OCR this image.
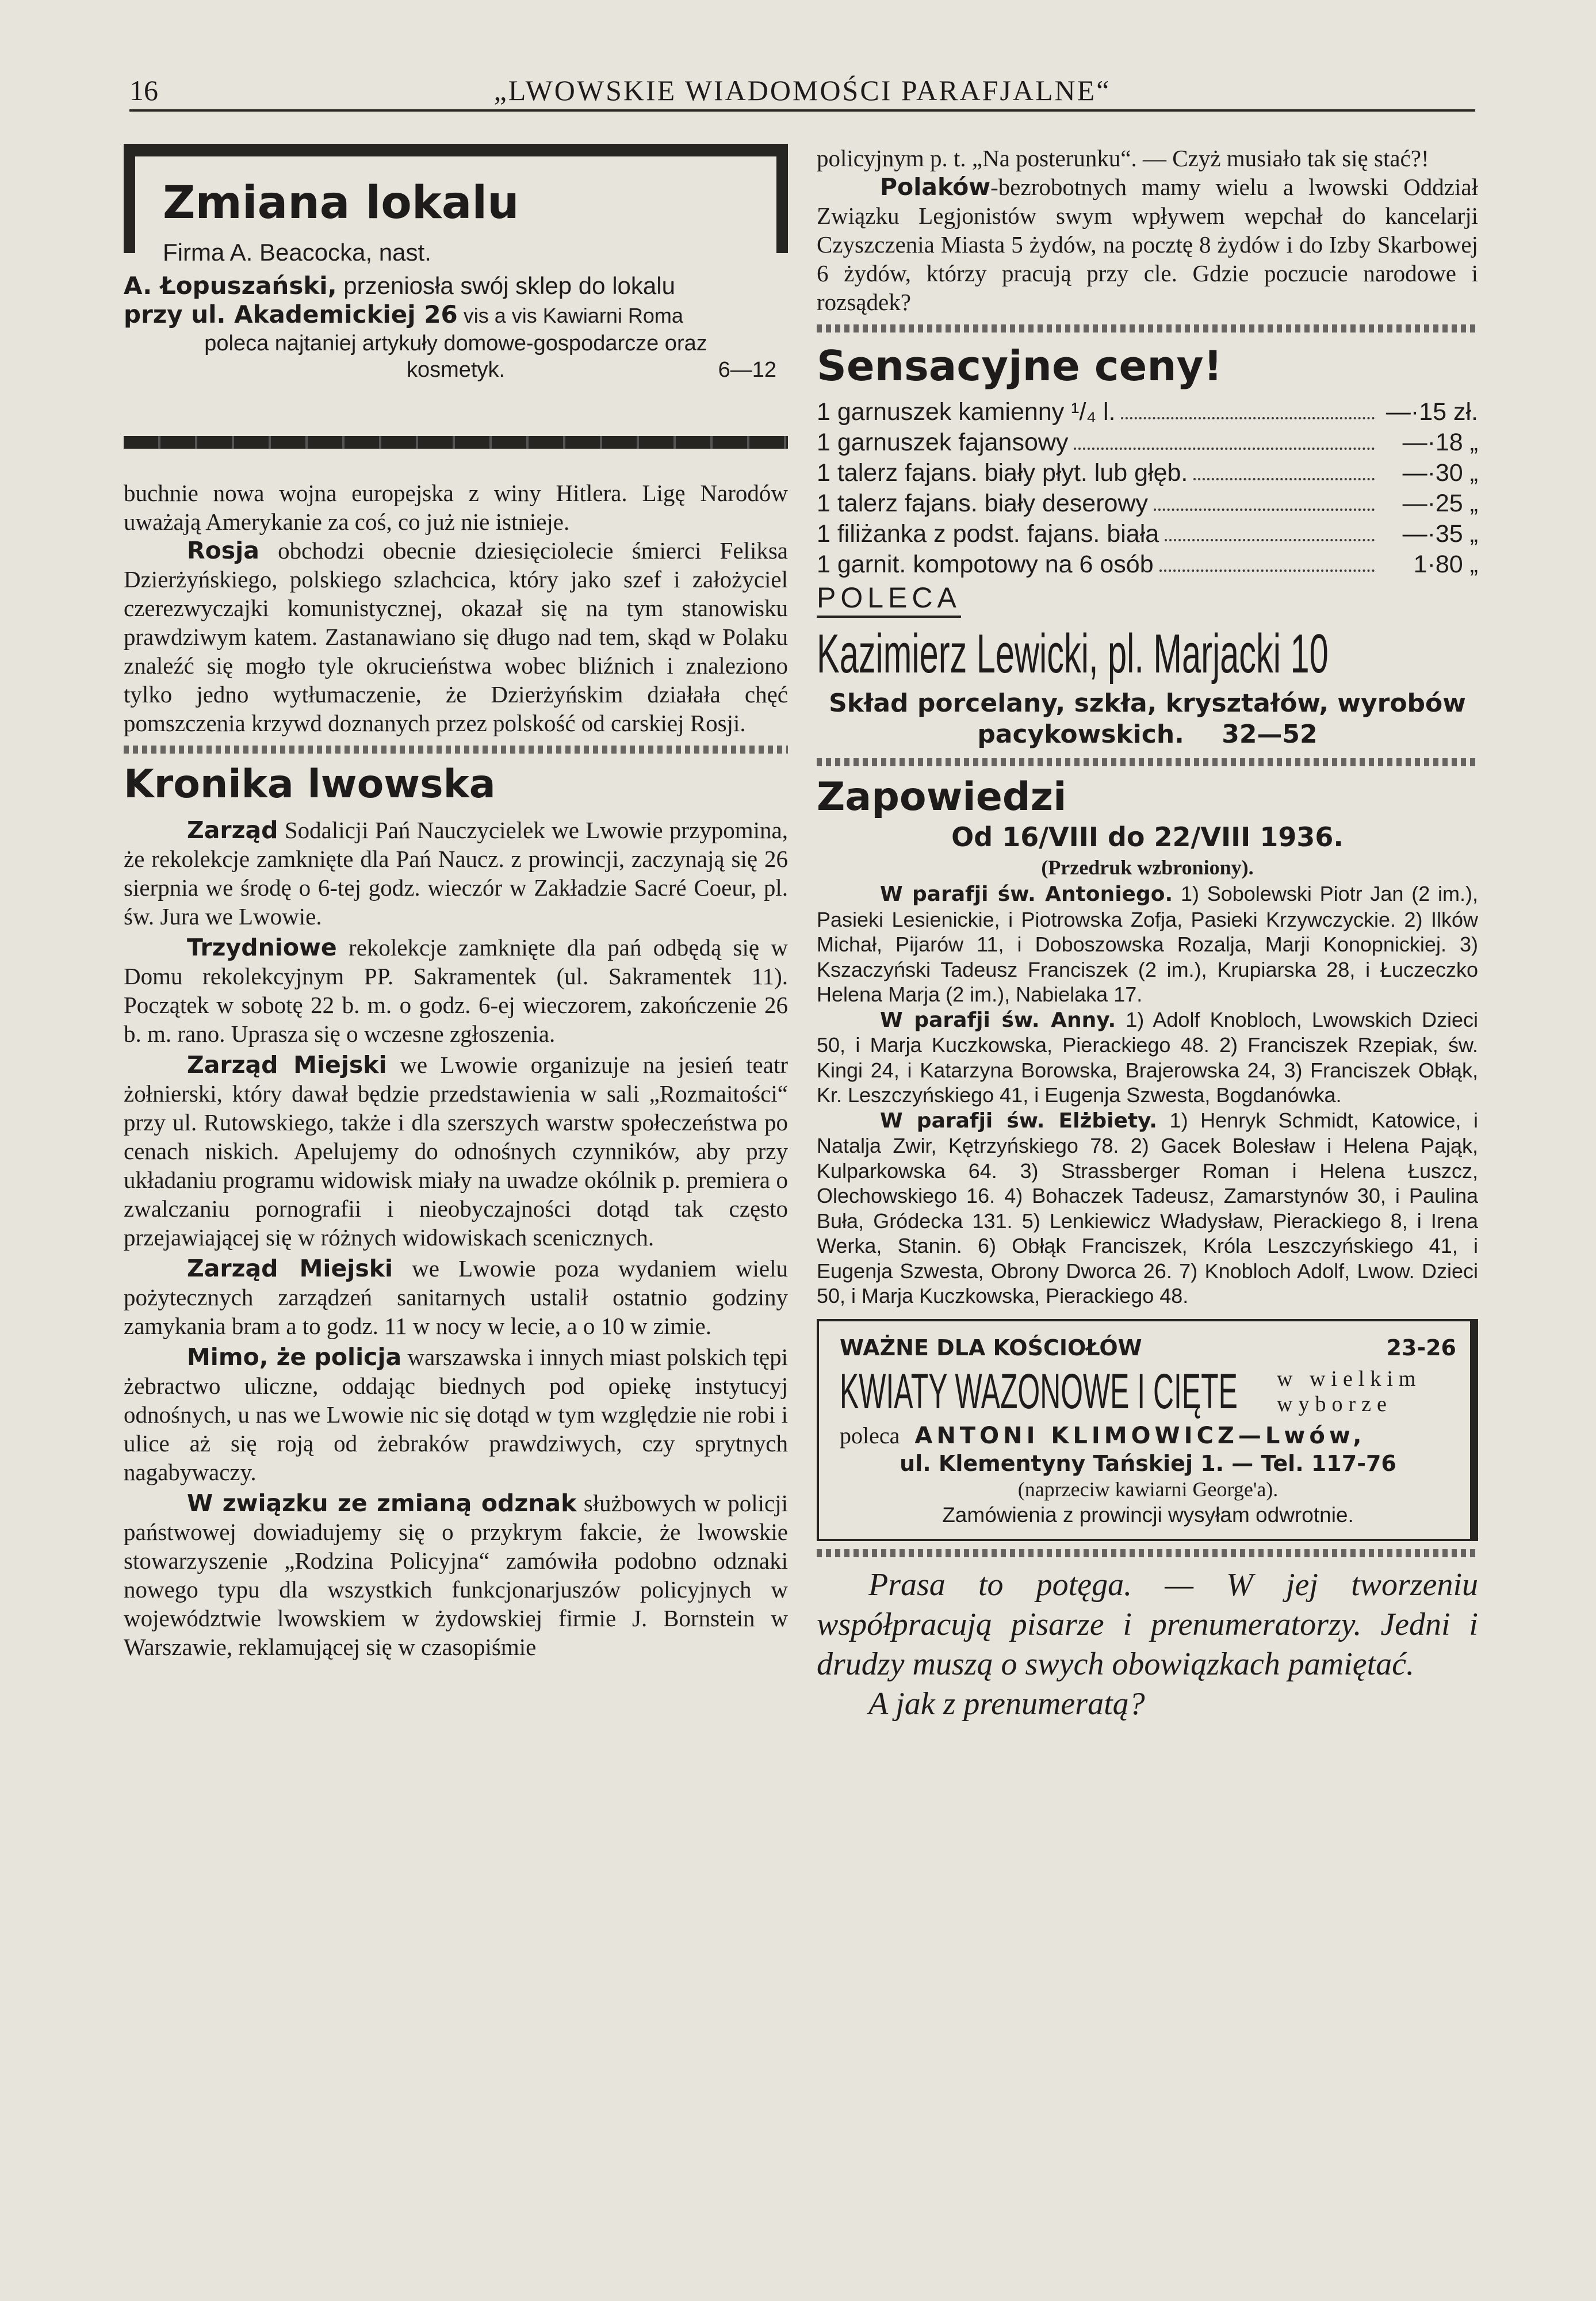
16	„LWOWSKIE WIADOMOŚCI PARAFJALNE“
Zmiana lokalu
Firma A. Beacocka, nast.

A. Łopuszański, przeniosła swój sklep do lokalu

przy ul. Akademickiej 26 vis a vis Kawiarni Roma

poleca najtaniej artykuły domowe-gospodarcze oraz

kosmetyk.	6—12

buchnie nowa wojna europejska z winy Hitlera. Ligę Narodów uważają Amerykanie za coś, co już nie istnieje.

Rosja obchodzi obecnie dziesięciolecie śmierci Feliksa Dzierżyńskiego, polskiego szlachcica, który jako szef i założyciel czerezwyczajki komunistycznej, okazał się na tym stanowisku prawdziwym katem. Zastanawiano się długo nad tem, skąd w Polaku znaleźć się mogło tyle okrucieństwa wobec bliźnich i znaleziono tylko jedno wytłumaczenie, że Dzierżyńskim działała chęć pomszczenia krzywd doznanych przez polskość od carskiej Rosji.

Kronika lwowska

Zarząd Sodalicji Pań Nauczycielek we Lwowie przypomina, że rekolekcje zamknięte dla Pań Naucz. z prowincji, zaczynają się 26 sierpnia we środę o 6-tej godz. wieczór w Zakładzie Sacré Coeur, pl. św. Jura we Lwowie.

Trzydniowe rekolekcje zamknięte dla pań odbędą się w Domu rekolekcyjnym PP. Sakramentek (ul. Sakramentek 11). Początek w sobotę 22 b. m. o godz. 6-ej wieczorem, zakończenie 26 b. m. rano. Uprasza się o wczesne zgłoszenia.

Zarząd Miejski we Lwowie organizuje na jesień teatr żołnierski, który dawał będzie przedstawienia w sali „Rozmaitości“ przy ul. Rutowskiego, także i dla szerszych warstw społeczeństwa po cenach niskich. Apelujemy do odnośnych czynników, aby przy układaniu programu widowisk miały na uwadze okólnik p. premiera o zwalczaniu pornografii i nieobyczajności dotąd tak często przejawiającej się w różnych widowiskach scenicznych.

Zarząd Miejski we Lwowie poza wydaniem wielu pożytecznych zarządzeń sanitarnych ustalił ostatnio godziny zamykania bram a to godz. 11 w nocy w lecie, a o 10 w zimie.

Mimo, że policja warszawska i innych miast polskich tępi żebractwo uliczne, oddając biednych pod opiekę instytucyj odnośnych, u nas we Lwowie nic się dotąd w tym względzie nie robi i ulice aż się roją od żebraków prawdziwych, czy sprytnych nagabywaczy.

W związku ze zmianą odznak służbowych w policji państwowej dowiadujemy się o przykrym fakcie, że lwowskie stowarzyszenie „Rodzina Policyjna“ zamówiła podobno odznaki nowego typu dla wszystkich funkcjonarjuszów policyjnych w województwie lwowskiem w żydowskiej firmie J. Bornstein w Warszawie, reklamującej się w czasopiśmie

policyjnym p. t. „Na posterunku“. — Czyż musiało tak się stać?!

Polaków-bezrobotnych mamy wielu a lwowski Oddział Związku Legjonistów swym wpływem wepchał do kancelarji Czyszczenia Miasta 5 żydów, na pocztę 8 żydów i do Izby Skarbowej 6 żydów, którzy pracują przy cle. Gdzie poczucie narodowe i rozsądek?

Sensacyjne ceny!
1 garnuszek kamienny ¹/₄ l.	—·15 zł.
1 garnuszek fajansowy	—·18 „
1 talerz fajans. biały płyt. lub głęb.	—·30 „
1 talerz fajans. biały deserowy	—·25 „
1 filiżanka z podst. fajans. biała	—·35 „
1 garnit. kompotowy na 6 osób	1·80 „
POLECA
Kazimierz Lewicki, pl. Marjacki 10

Skład porcelany, szkła, kryształów, wyrobów pacykowskich. 32—52

Zapowiedzi

Od 16/VIII do 22/VIII 1936.

(Przedruk wzbroniony).

W parafji św. Antoniego. 1) Sobolewski Piotr Jan (2 im.), Pasieki Lesienickie, i Piotrowska Zofja, Pasieki Krzywczyckie. 2) Ilków Michał, Pijarów 11, i Doboszowska Rozalja, Marji Konopnickiej. 3) Kszaczyński Tadeusz Franciszek (2 im.), Krupiarska 28, i Łuczeczko Helena Marja (2 im.), Nabielaka 17.

W parafji św. Anny. 1) Adolf Knobloch, Lwowskich Dzieci 50, i Marja Kuczkowska, Pierackiego 48. 2) Franciszek Rzepiak, św. Kingi 24, i Katarzyna Borowska, Brajerowska 24, 3) Franciszek Obłąk, Kr. Leszczyńskiego 41, i Eugenja Szwesta, Bogdanówka.

W parafji św. Elżbiety. 1) Henryk Schmidt, Katowice, i Natalja Zwir, Kętrzyńskiego 78. 2) Gacek Bolesław i Helena Pająk, Kulparkowska 64. 3) Strassberger Roman i Helena Łuszcz, Olechowskiego 16. 4) Bohaczek Tadeusz, Zamarstynów 30, i Paulina Buła, Gródecka 131. 5) Lenkiewicz Władysław, Pierackiego 8, i Irena Werka, Stanin. 6) Obłąk Franciszek, Króla Leszczyńskiego 41, i Eugenja Szwesta, Obrony Dworca 26. 7) Knobloch Adolf, Lwow. Dzieci 50, i Marja Kuczkowska, Pierackiego 48.

WAŻNE DLA KOŚCIOŁÓW	23-26
KWIATY WAZONOWE I CIĘTE w wielkim
wyborze
poleca ANTONI KLIMOWICZ—Lwów,

ul. Klementyny Tańskiej 1. — Tel. 117-76

(naprzeciw kawiarni George'a).

Zamówienia z prowincji wysyłam odwrotnie.

Prasa to potęga. — W jej tworzeniu współpracują pisarze i prenumeratorzy. Jedni i drudzy muszą o swych obowiązkach pamiętać.

A jak z prenumeratą?
